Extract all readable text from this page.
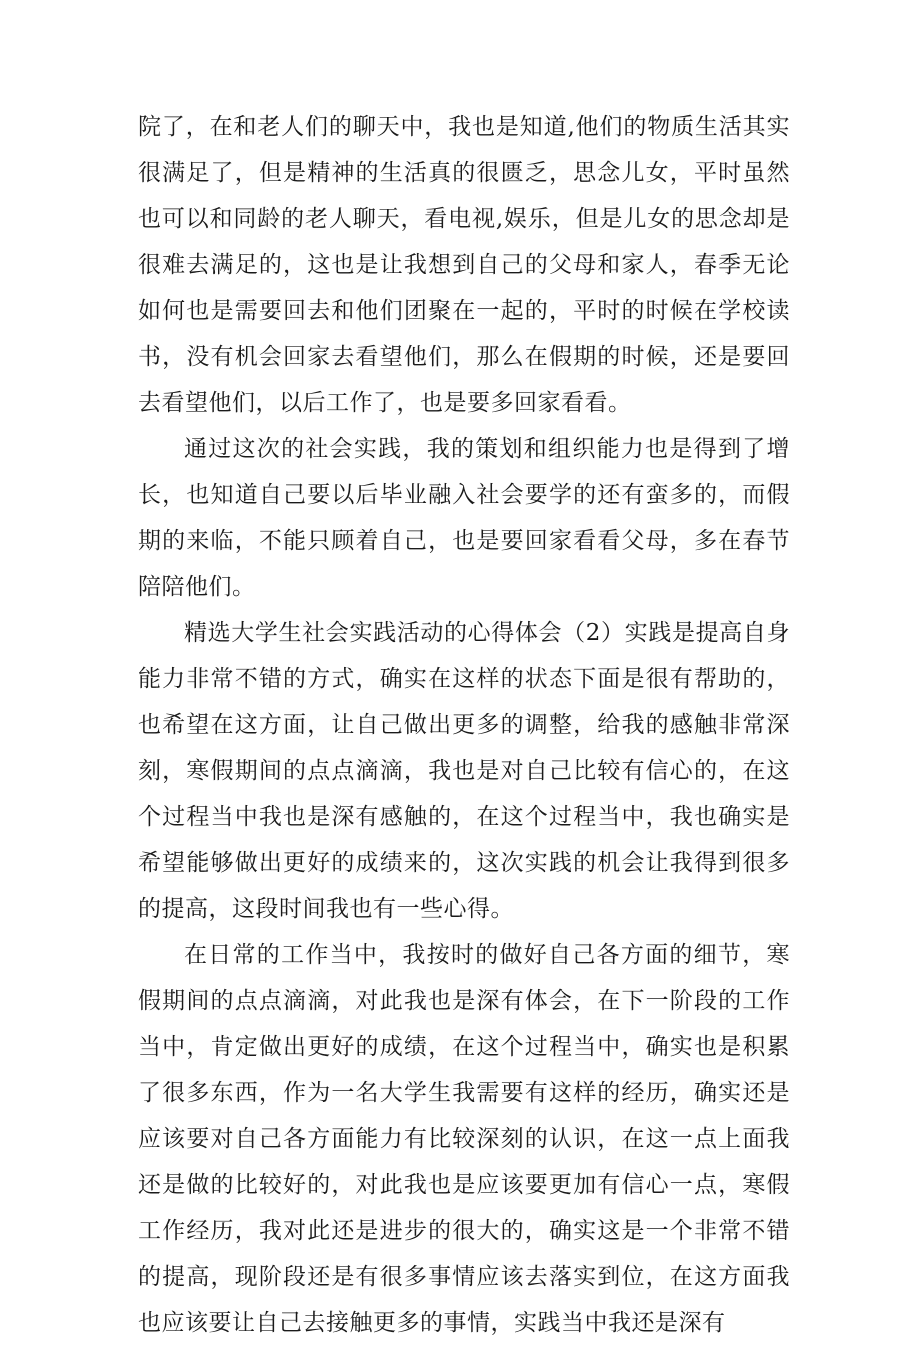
院了，在和老人们的聊天中，我也是知道,他们的物质生活其实很满足了，但是精神的生活真的很匮乏，思念儿女，平时虽然也可以和同龄的老人聊天，看电视,娱乐，但是儿女的思念却是很难去满足的，这也是让我想到自己的父母和家人，春季无论如何也是需要回去和他们团聚在一起的，平时的时候在学校读书，没有机会回家去看望他们，那么在假期的时候，还是要回去看望他们，以后工作了，也是要多回家看看。

通过这次的社会实践，我的策划和组织能力也是得到了增长，也知道自己要以后毕业融入社会要学的还有蛮多的，而假期的来临，不能只顾着自己，也是要回家看看父母，多在春节陪陪他们。

精选大学生社会实践活动的心得体会（2）实践是提高自身能力非常不错的方式，确实在这样的状态下面是很有帮助的，也希望在这方面，让自己做出更多的调整，给我的感触非常深刻，寒假期间的点点滴滴，我也是对自己比较有信心的，在这个过程当中我也是深有感触的，在这个过程当中，我也确实是希望能够做出更好的成绩来的，这次实践的机会让我得到很多的提高，这段时间我也有一些心得。

在日常的工作当中，我按时的做好自己各方面的细节，寒假期间的点点滴滴，对此我也是深有体会，在下一阶段的工作当中，肯定做出更好的成绩，在这个过程当中，确实也是积累了很多东西，作为一名大学生我需要有这样的经历，确实还是应该要对自己各方面能力有比较深刻的认识，在这一点上面我还是做的比较好的，对此我也是应该要更加有信心一点，寒假工作经历，我对此还是进步的很大的，确实这是一个非常不错的提高，现阶段还是有很多事情应该去落实到位，在这方面我也应该要让自己去接触更多的事情，实践当中我还是深有
